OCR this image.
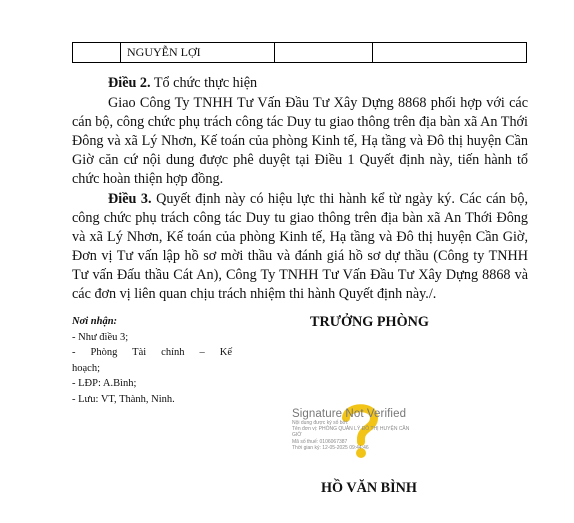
NGUYỄN LỢI
Điều 2. Tổ chức thực hiện
Giao Công Ty TNHH Tư Vấn Đầu Tư Xây Dựng 8868 phối hợp với các cán bộ, công chức phụ trách công tác Duy tu giao thông trên địa bàn xã An Thới Đông và xã Lý Nhơn, Kế toán của phòng Kinh tế, Hạ tầng và Đô thị huyện Cần Giờ căn cứ nội dung được phê duyệt tại Điều 1 Quyết định này, tiến hành tổ chức hoàn thiện hợp đồng.
Điều 3. Quyết định này có hiệu lực thi hành kể từ ngày ký. Các cán bộ, công chức phụ trách công tác Duy tu giao thông trên địa bàn xã An Thới Đông và xã Lý Nhơn, Kế toán của phòng Kinh tế, Hạ tầng và Đô thị huyện Cần Giờ, Đơn vị Tư vấn lập hồ sơ mời thầu và đánh giá hồ sơ dự thầu (Công ty TNHH Tư vấn Đấu thầu Cát An), Công Ty TNHH Tư Vấn Đầu Tư Xây Dựng 8868 và các đơn vị liên quan chịu trách nhiệm thi hành Quyết định này./.
Nơi nhận:
- Như điều 3;
- Phòng Tài chính – Kế
hoạch;
- LĐP: A.Bình;
- Lưu: VT, Thành, Ninh.
TRƯỞNG PHÒNG
Signature Not Verified
Nội dung được ký số bởi:
Tên đơn vị: PHÒNG QUẢN LÝ ĐÔ THỊ HUYỆN CẦN
GIỜ
Mã số thuế: 0106067387
Thời gian ký: 12-05-2025 09:44:46
HỒ VĂN BÌNH
